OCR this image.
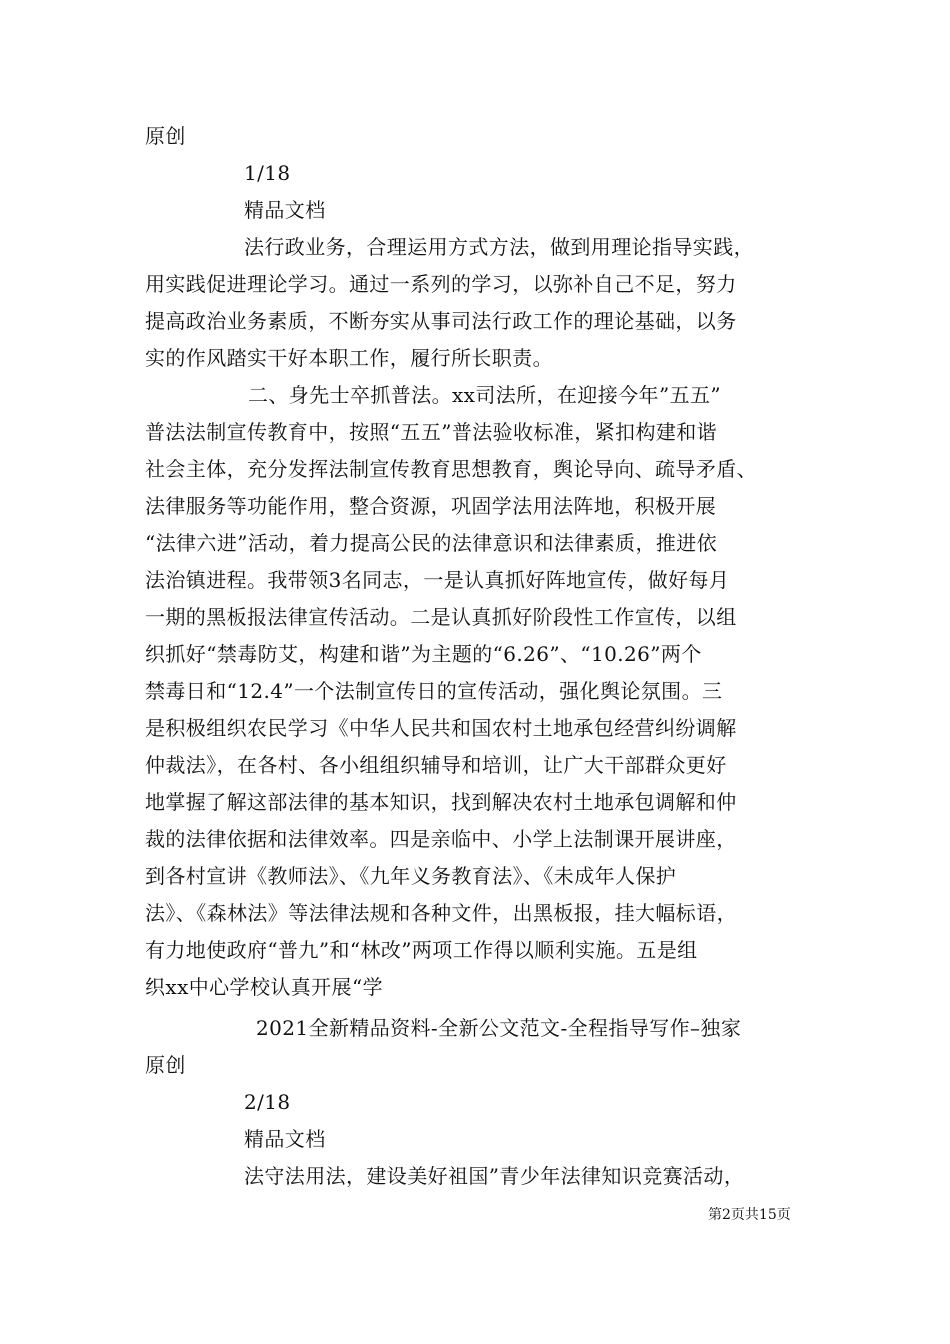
原创
1/18
精品文档
法行政业务，合理运用方式方法，做到用理论指导实践，
用实践促进理论学习。通过一系列的学习，以弥补自己不足，努力
提高政治业务素质，不断夯实从事司法行政工作的理论基础，以务
实的作风踏实干好本职工作，履行所长职责。
二、身先士卒抓普法。xx司法所，在迎接今年”五五”
普法法制宣传教育中，按照“五五”普法验收标准，紧扣构建和谐
社会主体，充分发挥法制宣传教育思想教育，舆论导向、疏导矛盾、
法律服务等功能作用，整合资源，巩固学法用法阵地，积极开展
“法律六进”活动，着力提高公民的法律意识和法律素质，推进依
法治镇进程。我带领3名同志，一是认真抓好阵地宣传，做好每月
一期的黑板报法律宣传活动。二是认真抓好阶段性工作宣传，以组
织抓好“禁毒防艾，构建和谐”为主题的“6.26”、“10.26”两个
禁毒日和“12.4”一个法制宣传日的宣传活动，强化舆论氛围。三
是积极组织农民学习《中华人民共和国农村土地承包经营纠纷调解
仲裁法》，在各村、各小组组织辅导和培训，让广大干部群众更好
地掌握了解这部法律的基本知识，找到解决农村土地承包调解和仲
裁的法律依据和法律效率。四是亲临中、小学上法制课开展讲座，
到各村宣讲《教师法》、《九年义务教育法》、《未成年人保护
法》、《森林法》等法律法规和各种文件，出黑板报，挂大幅标语，
有力地使政府“普九”和“林改”两项工作得以顺利实施。五是组
织xx中心学校认真开展“学
2021全新精品资料-全新公文范文-全程指导写作–独家
原创
2/18
精品文档
法守法用法，建设美好祖国”青少年法律知识竞赛活动，
第2页共15页
